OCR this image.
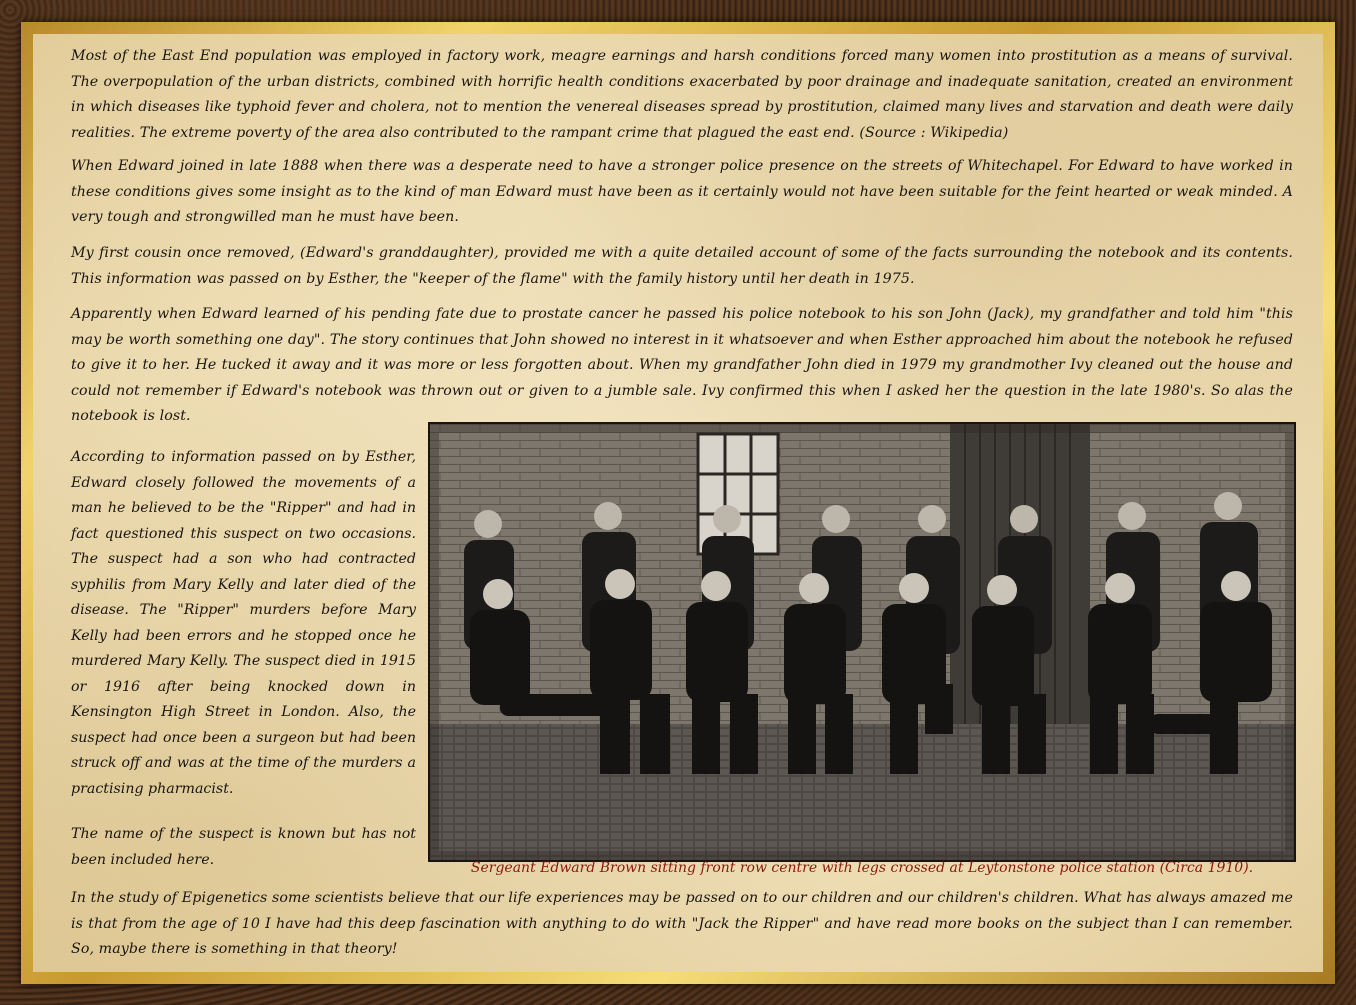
Most of the East End population was employed in factory work, meagre earnings and harsh conditions forced many women into prostitution as a means of survival. The overpopulation of the urban districts, combined with horrific health conditions exacerbated by poor drainage and inadequate sanitation, created an environment in which diseases like typhoid fever and cholera, not to mention the venereal diseases spread by prostitution, claimed many lives and starvation and death were daily realities. The extreme poverty of the area also contributed to the rampant crime that plagued the east end. (Source : Wikipedia)

When Edward joined in late 1888 when there was a desperate need to have a stronger police presence on the streets of Whitechapel. For Edward to have worked in these conditions gives some insight as to the kind of man Edward must have been as it certainly would not have been suitable for the feint hearted or weak minded. A very tough and strongwilled man he must have been.

My first cousin once removed, (Edward's granddaughter), provided me with a quite detailed account of some of the facts surrounding the notebook and its contents. This information was passed on by Esther, the "keeper of the flame" with the family history until her death in 1975.

Apparently when Edward learned of his pending fate due to prostate cancer he passed his police notebook to his son John (Jack), my grandfather and told him "this may be worth something one day". The story continues that John showed no interest in it whatsoever and when Esther approached him about the notebook he refused to give it to her. He tucked it away and it was more or less forgotten about. When my grandfather John died in 1979 my grandmother Ivy cleaned out the house and could not remember if Edward's notebook was thrown out or given to a jumble sale. Ivy confirmed this when I asked her the question in the late 1980's. So alas the notebook is lost.

According to information passed on by Esther, Edward closely followed the movements of a man he believed to be the "Ripper" and had in fact questioned this suspect on two occasions. The suspect had a son who had contracted syphilis from Mary Kelly and later died of the disease. The "Ripper" murders before Mary Kelly had been errors and he stopped once he murdered Mary Kelly. The suspect died in 1915 or 1916 after being knocked down in Kensington High Street in London. Also, the suspect had once been a surgeon but had been struck off and was at the time of the murders a practising pharmacist.

The name of the suspect is known but has not been included here.

Sergeant Edward Brown sitting front row centre with legs crossed at Leytonstone police station (Circa 1910).

In the study of Epigenetics some scientists believe that our life experiences may be passed on to our children and our children's children. What has always amazed me is that from the age of 10 I have had this deep fascination with anything to do with "Jack the Ripper" and have read more books on the subject than I can remember. So, maybe there is something in that theory!
